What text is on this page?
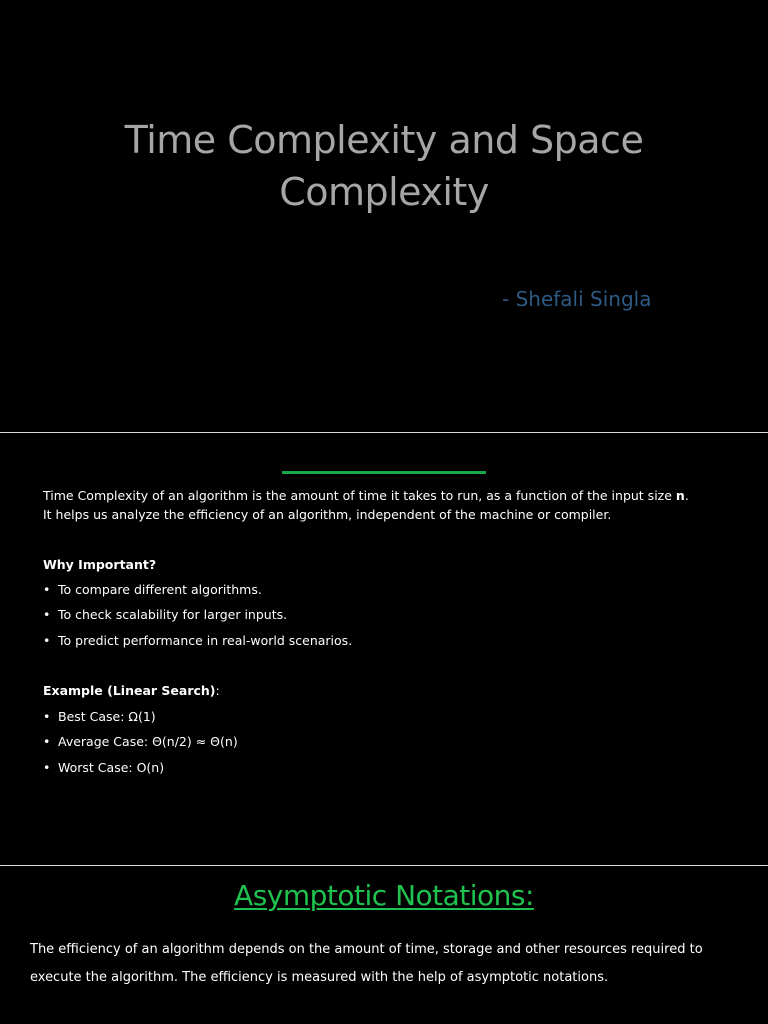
Time Complexity and Space
Complexity
- Shefali Singla
Time Complexity of an algorithm is the amount of time it takes to run, as a function of the input size n.
It helps us analyze the efficiency of an algorithm, independent of the machine or compiler.
Why Important?
• To compare different algorithms.
• To check scalability for larger inputs.
• To predict performance in real-world scenarios.
Example (Linear Search):
• Best Case: Ω(1)
• Average Case: Θ(n/2) ≈ Θ(n)
• Worst Case: O(n)
Asymptotic Notations:
The efficiency of an algorithm depends on the amount of time, storage and other resources required to execute the algorithm. The efficiency is measured with the help of asymptotic notations.
